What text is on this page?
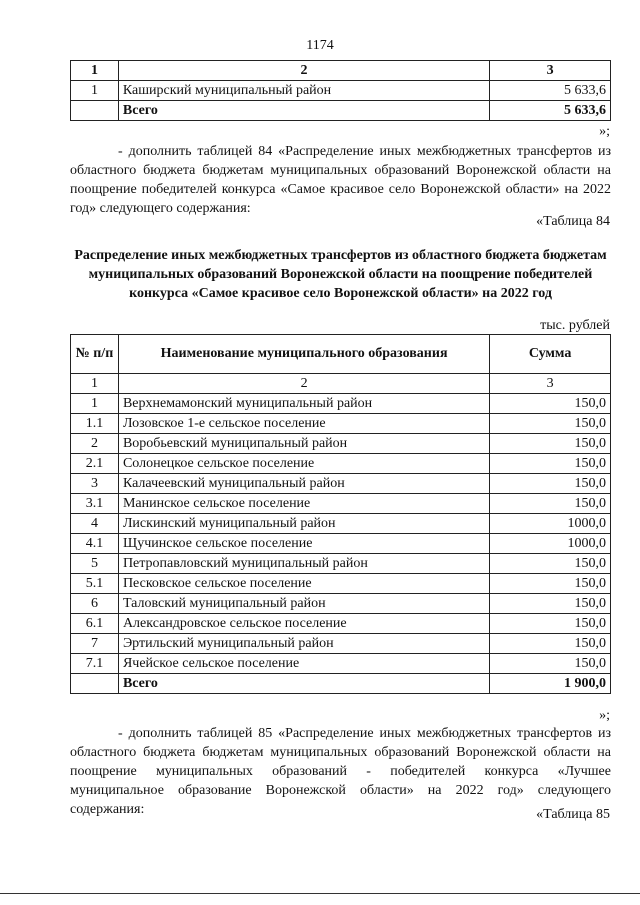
1174
1	2	3
1	Каширский муниципальный район	5 633,6
	Всего	5 633,6
»;
- дополнить таблицей 84 «Распределение иных межбюджетных трансфертов из областного бюджета бюджетам муниципальных образований Воронежской области на поощрение победителей конкурса «Самое красивое село Воронежской области» на 2022 год» следующего содержания:
«Таблица 84
Распределение иных межбюджетных трансфертов из областного бюджета бюджетам муниципальных образований Воронежской области на поощрение победителей конкурса «Самое красивое село Воронежской области» на 2022 год
тыс. рублей
№ п/п	Наименование муниципального образования	Сумма
1	2	3
1	Верхнемамонский муниципальный район	150,0
1.1	Лозовское 1-е сельское поселение	150,0
2	Воробьевский муниципальный район	150,0
2.1	Солонецкое сельское поселение	150,0
3	Калачеевский муниципальный район	150,0
3.1	Манинское сельское поселение	150,0
4	Лискинский муниципальный район	1000,0
4.1	Щучинское сельское поселение	1000,0
5	Петропавловский муниципальный район	150,0
5.1	Песковское сельское поселение	150,0
6	Таловский муниципальный район	150,0
6.1	Александровское сельское поселение	150,0
7	Эртильский муниципальный район	150,0
7.1	Ячейское сельское поселение	150,0
	Всего	1 900,0
»;
- дополнить таблицей 85 «Распределение иных межбюджетных трансфертов из областного бюджета бюджетам муниципальных образований Воронежской области на поощрение муниципальных образований - победителей конкурса «Лучшее муниципальное образование Воронежской области» на 2022 год» следующего содержания:	«Таблица 85
